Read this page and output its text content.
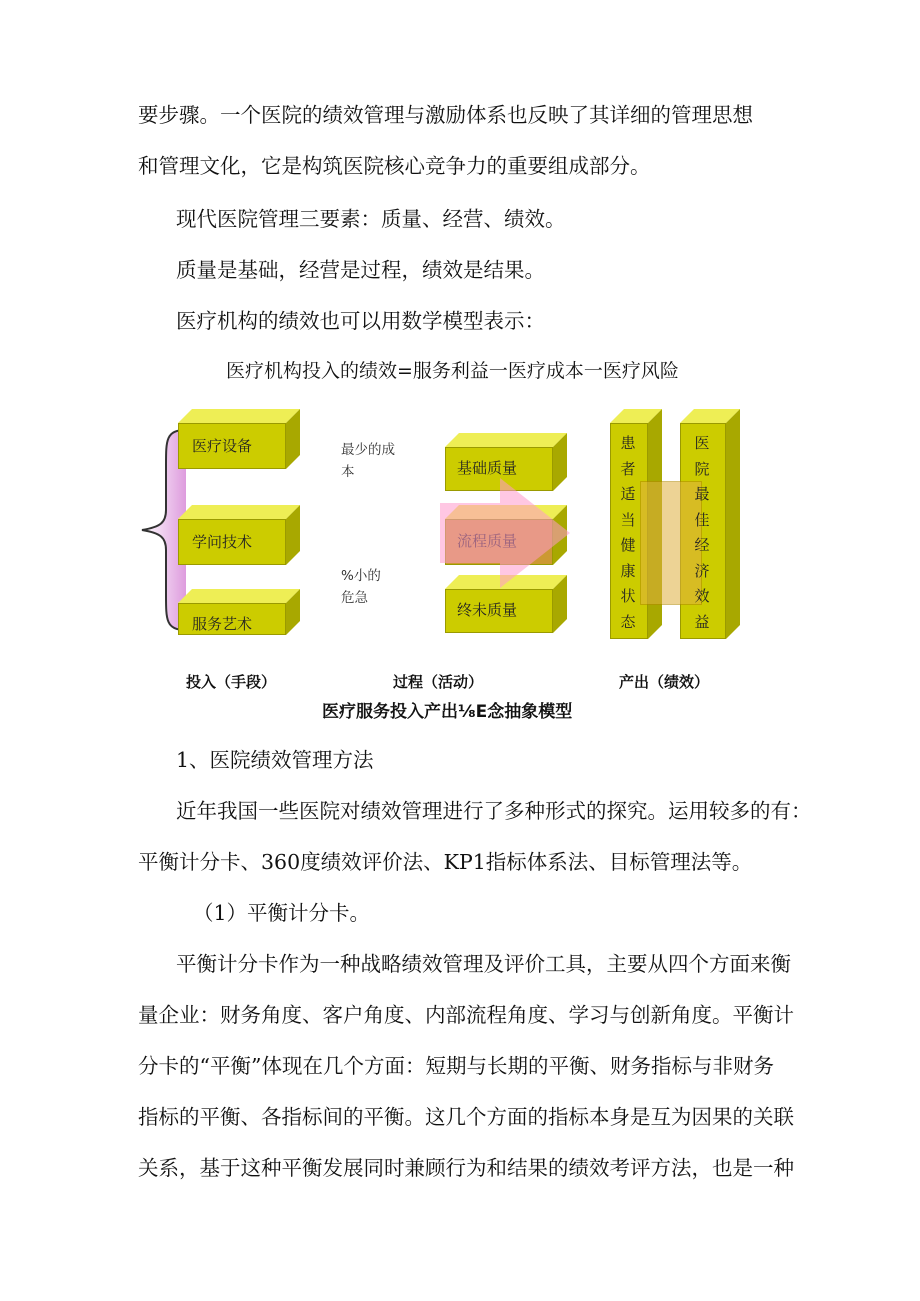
要步骤。一个医院的绩效管理与激励体系也反映了其详细的管理思想
和管理文化，它是构筑医院核心竞争力的重要组成部分。
现代医院管理三要素：质量、经营、绩效。
质量是基础，经营是过程，绩效是结果。
医疗机构的绩效也可以用数学模型表示：
医疗机构投入的绩效=服务利益一医疗成本一医疗风险
医疗设备
学问技术
服务艺术
最少的成
本
%小的
危急
基础质量
终未质量
患
者
适
当
健
康
状
态
医
院
最
佳
经
济
效
益
投入（手段）	过程（活动）	产出（绩效）
医疗服务投入产出⅛E念抽象模型
1、医院绩效管理方法
近年我国一些医院对绩效管理进行了多种形式的探究。运用较多的有：
平衡计分卡、360度绩效评价法、KP1指标体系法、目标管理法等。
（1）平衡计分卡。
平衡计分卡作为一种战略绩效管理及评价工具，主要从四个方面来衡
量企业：财务角度、客户角度、内部流程角度、学习与创新角度。平衡计
分卡的“平衡”体现在几个方面：短期与长期的平衡、财务指标与非财务
指标的平衡、各指标间的平衡。这几个方面的指标本身是互为因果的关联
关系，基于这种平衡发展同时兼顾行为和结果的绩效考评方法，也是一种
